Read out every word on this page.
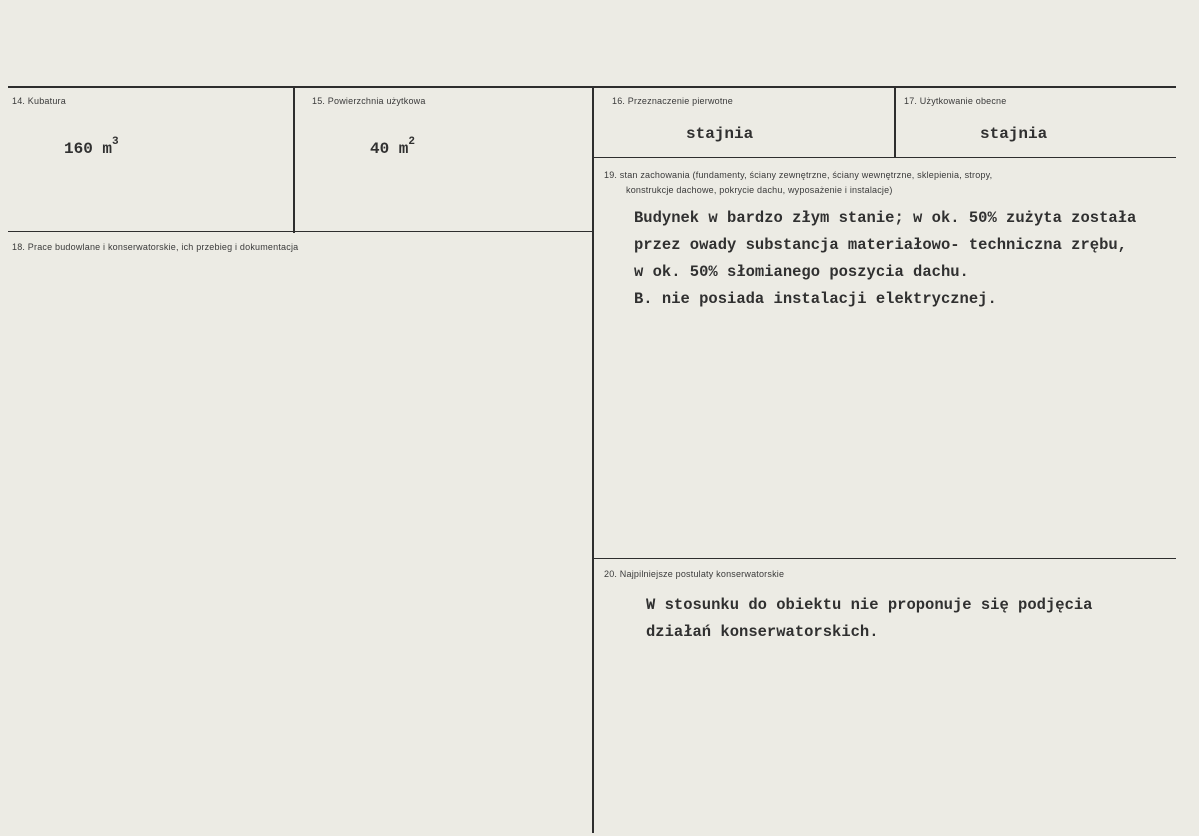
14. Kubatura
160 $m^3$
15. Powierzchnia użytkowa
40 $m^2$
16. Przeznaczenie pierwotne
stajnia
17. Użytkowanie obecne
stajnia
18. Prace budowlane i konserwatorskie, ich przebieg i dokumentacja
19. stan zachowania (fundamenty, ściany zewnętrzne, ściany wewnętrzne, sklepienia, stropy,
konstrukcje dachowe, pokrycie dachu, wyposażenie i instalacje)
Budynek w bardzo złym stanie; w ok. 50% zużyta została
przez owady substancja materiałowo- techniczna zrębu,
w ok. 50% słomianego poszycia dachu.
B. nie posiada instalacji elektrycznej.
20. Najpilniejsze postulaty konserwatorskie
W stosunku do obiektu nie proponuje się podjęcia
działań konserwatorskich.
